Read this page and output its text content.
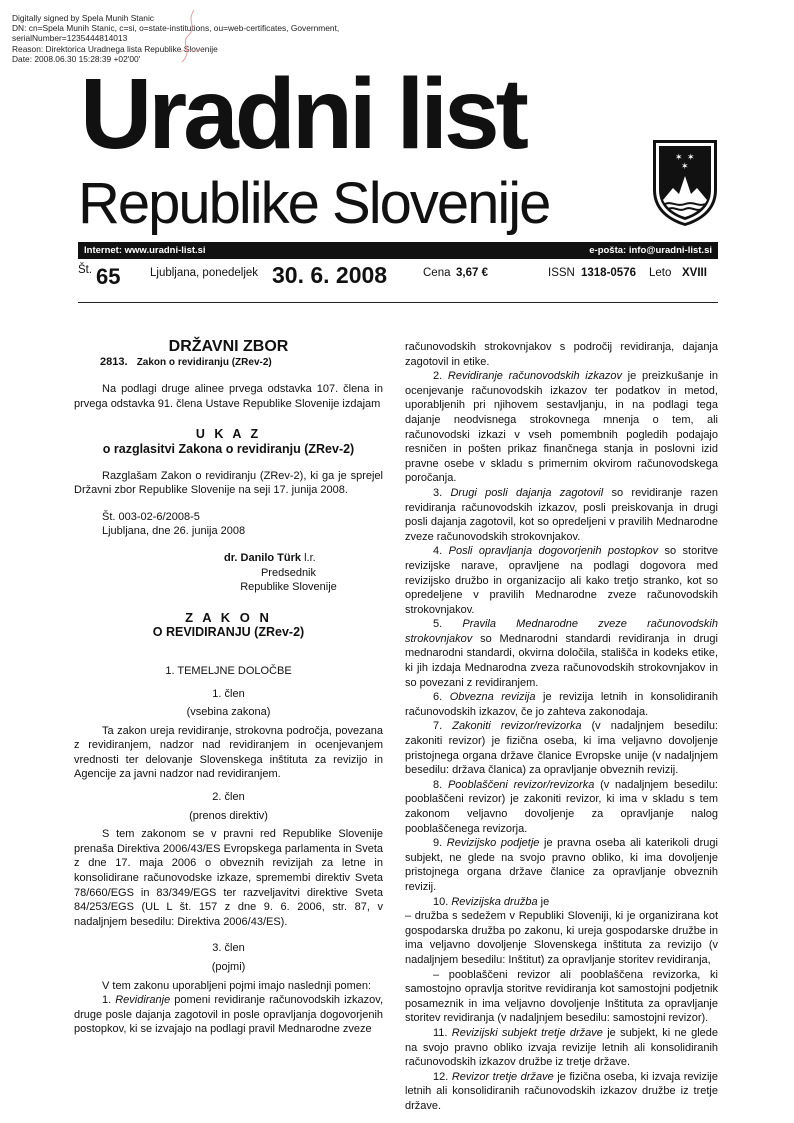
Digitally signed by Spela Munih Stanic
DN: cn=Spela Munih Stanic, c=si, o=state-institutions, ou=web-certificates, Government,
serialNumber=1235444814013
Reason: Direktorica Uradnega lista Republike Slovenije
Date: 2008.06.30 15:28:39 +02'00'
Uradni list
Republike Slovenije
✶ ✶
✶
Internet: www.uradni-list.si	e-pošta: info@uradni-list.si
Št. 65	Ljubljana, ponedeljek 30. 6. 2008	Cena 3,67 €	ISSN 1318-0576 Leto XVIII

DRŽAVNI ZBOR

2813. Zakon o revidiranju (ZRev-2)

Na podlagi druge alinee prvega odstavka 107. člena in prvega odstavka 91. člena Ustave Republike Slovenije izdajam

U K A Z

o razglasitvi Zakona o revidiranju (ZRev-2)

Razglašam Zakon o revidiranju (ZRev-2), ki ga je sprejel Državni zbor Republike Slovenije na seji 17. junija 2008.

Št. 003-02-6/2008-5

Ljubljana, dne 26. junija 2008

dr. Danilo Türk l.r.

Predsednik

Republike Slovenije

Z A K O N

O REVIDIRANJU (ZRev-2)

1. TEMELJNE DOLOČBE

1. člen

(vsebina zakona)

Ta zakon ureja revidiranje, strokovna področja, povezana z revidiranjem, nadzor nad revidiranjem in ocenjevanjem vrednosti ter delovanje Slovenskega inštituta za revizijo in Agencije za javni nadzor nad revidiranjem.

2. člen

(prenos direktiv)

S tem zakonom se v pravni red Republike Slovenije prenaša Direktiva 2006/43/ES Evropskega parlamenta in Sveta z dne 17. maja 2006 o obveznih revizijah za letne in konsolidirane računovodske izkaze, spremembi direktiv Sveta 78/660/EGS in 83/349/EGS ter razveljavitvi direktive Sveta 84/253/EGS (UL L št. 157 z dne 9. 6. 2006, str. 87, v nadaljnjem besedilu: Direktiva 2006/43/ES).

3. člen

(pojmi)

V tem zakonu uporabljeni pojmi imajo naslednji pomen:

1. Revidiranje pomeni revidiranje računovodskih izkazov, druge posle dajanja zagotovil in posle opravljanja dogovorjenih postopkov, ki se izvajajo na podlagi pravil Mednarodne zveze

računovodskih strokovnjakov s področij revidiranja, dajanja zagotovil in etike.

2. Revidiranje računovodskih izkazov je preizkušanje in ocenjevanje računovodskih izkazov ter podatkov in metod, uporabljenih pri njihovem sestavljanju, in na podlagi tega dajanje neodvisnega strokovnega mnenja o tem, ali računovodski izkazi v vseh pomembnih pogledih podajajo resničen in pošten prikaz finančnega stanja in poslovni izid pravne osebe v skladu s primernim okvirom računovodskega poročanja.

3. Drugi posli dajanja zagotovil so revidiranje razen revidiranja računovodskih izkazov, posli preiskovanja in drugi posli dajanja zagotovil, kot so opredeljeni v pravilih Mednarodne zveze računovodskih strokovnjakov.

4. Posli opravljanja dogovorjenih postopkov so storitve revizijske narave, opravljene na podlagi dogovora med revizijsko družbo in organizacijo ali kako tretjo stranko, kot so opredeljene v pravilih Mednarodne zveze računovodskih strokovnjakov.

5. Pravila Mednarodne zveze računovodskih strokovnjakov so Mednarodni standardi revidiranja in drugi mednarodni standardi, okvirna določila, stališča in kodeks etike, ki jih izdaja Mednarodna zveza računovodskih strokovnjakov in so povezani z revidiranjem.

6. Obvezna revizija je revizija letnih in konsolidiranih računovodskih izkazov, če jo zahteva zakonodaja.

7. Zakoniti revizor/revizorka (v nadaljnjem besedilu: zakoniti revizor) je fizična oseba, ki ima veljavno dovoljenje pristojnega organa države članice Evropske unije (v nadaljnjem besedilu: država članica) za opravljanje obveznih revizij.

8. Pooblaščeni revizor/revizorka (v nadaljnjem besedilu: pooblaščeni revizor) je zakoniti revizor, ki ima v skladu s tem zakonom veljavno dovoljenje za opravljanje nalog pooblaščenega revizorja.

9. Revizijsko podjetje je pravna oseba ali katerikoli drugi subjekt, ne glede na svojo pravno obliko, ki ima dovoljenje pristojnega organa države članice za opravljanje obveznih revizij.

10. Revizijska družba je

– družba s sedežem v Republiki Sloveniji, ki je organizirana kot gospodarska družba po zakonu, ki ureja gospodarske družbe in ima veljavno dovoljenje Slovenskega inštituta za revizijo (v nadaljnjem besedilu: Inštitut) za opravljanje storitev revidiranja,

– pooblaščeni revizor ali pooblaščena revizorka, ki samostojno opravlja storitve revidiranja kot samostojni podjetnik posameznik in ima veljavno dovoljenje Inštituta za opravljanje storitev revidiranja (v nadaljnjem besedilu: samostojni revizor).

11. Revizijski subjekt tretje države je subjekt, ki ne glede na svojo pravno obliko izvaja revizije letnih ali konsolidiranih računovodskih izkazov družbe iz tretje države.

12. Revizor tretje države je fizična oseba, ki izvaja revizije letnih ali konsolidiranih računovodskih izkazov družbe iz tretje države.
